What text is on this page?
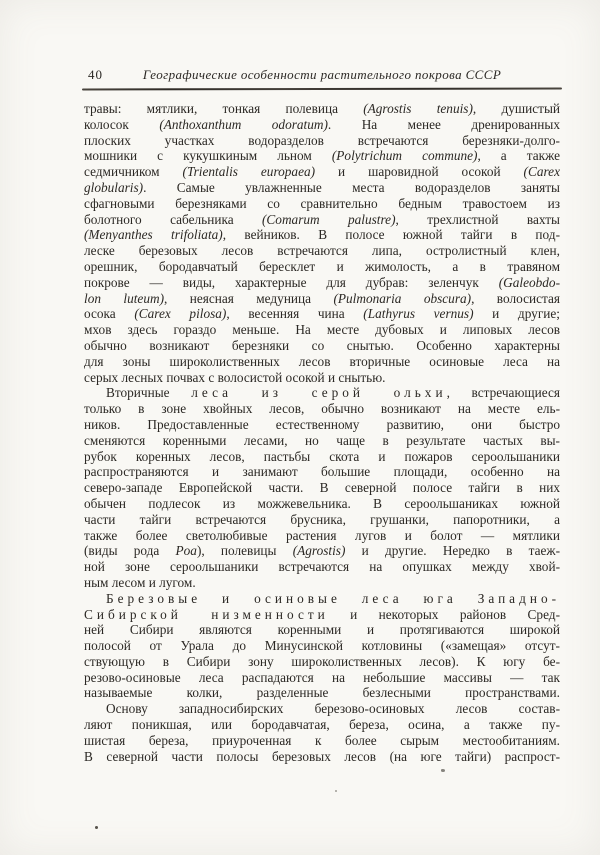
40	Географические особенности растительного покрова СССР
травы: мятлики, тонкая полевица (Agrostis tenuis), душистый
колосок (Anthoxanthum odoratum). На менее дренированных
плоских участках водоразделов встречаются березняки-долго-
мошники с кукушкиным льном (Polytrichum commune), а также
седмичником (Trientalis europaea) и шаровидной осокой (Carex
globularis). Самые увлажненные места водоразделов заняты
сфагновыми березняками со сравнительно бедным травостоем из
болотного сабельника (Comarum palustre), трехлистной вахты
(Menyanthes trifoliata), вейников. В полосе южной тайги в под-
леске березовых лесов встречаются липа, остролистный клен,
орешник, бородавчатый бересклет и жимолость, а в травяном
покрове — виды, характерные для дубрав: зеленчук (Galeobdo-
lon luteum), неясная медуница (Pulmonaria obscura), волосистая
осока (Carex pilosa), весенняя чина (Lathyrus vernus) и другие;
мхов здесь гораздо меньше. На месте дубовых и липовых лесов
обычно возникают березняки со снытью. Особенно характерны
для зоны широколиственных лесов вторичные осиновые леса на
серых лесных почвах с волосистой осокой и снытью.
Вторичные леса из серой ольхи, встречающиеся
только в зоне хвойных лесов, обычно возникают на месте ель-
ников. Предоставленные естественному развитию, они быстро
сменяются коренными лесами, но чаще в результате частых вы-
рубок коренных лесов, пастьбы скота и пожаров сероольшаники
распространяются и занимают большие площади, особенно на
северо-западе Европейской части. В северной полосе тайги в них
обычен подлесок из можжевельника. В сероольшаниках южной
части тайги встречаются брусника, грушанки, папоротники, а
также более светолюбивые растения лугов и болот — мятлики
(виды рода Poa), полевицы (Agrostis) и другие. Нередко в таеж-
ной зоне сероольшаники встречаются на опушках между хвой-
ным лесом и лугом.
Березовые и осиновые леса юга Западно-
Сибирской низменности и некоторых районов Сред-
ней Сибири являются коренными и протягиваются широкой
полосой от Урала до Минусинской котловины («замещая» отсут-
ствующую в Сибири зону широколиственных лесов). К югу бе-
резово-осиновые леса распадаются на небольшие массивы — так
называемые колки, разделенные безлесными пространствами.
Основу западносибирских березово-осиновых лесов состав-
ляют поникшая, или бородавчатая, береза, осина, а также пу-
шистая береза, приуроченная к более сырым местообитаниям.
В северной части полосы березовых лесов (на юге тайги) распрост-
